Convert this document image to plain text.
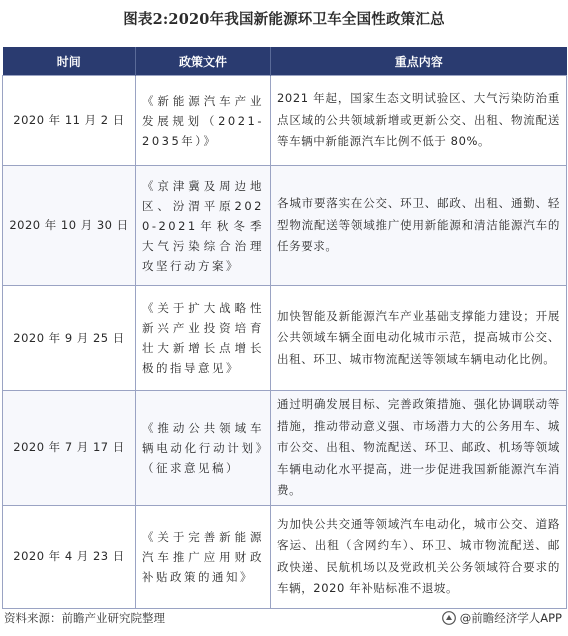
图表2:2020年我国新能源环卫车全国性政策汇总
时间	政策文件	重点内容
2020 年 11 月 2 日	《新能源汽车产业发展规划（2021-2035年）》	2021 年起，国家生态文明试验区、大气污染防治重点区域的公共领域新增或更新公交、出租、物流配送等车辆中新能源汽车比例不低于 80%。
2020 年 10 月 30 日	《京津冀及周边地区、汾渭平原2020-2021年秋冬季大气污染综合治理攻坚行动方案》	各城市要落实在公交、环卫、邮政、出租、通勤、轻型物流配送等领域推广使用新能源和清洁能源汽车的任务要求。
2020 年 9 月 25 日	《关于扩大战略性新兴产业投资培育壮大新增长点增长极的指导意见》	加快智能及新能源汽车产业基础支撑能力建设；开展公共领域车辆全面电动化城市示范，提高城市公交、出租、环卫、城市物流配送等领域车辆电动化比例。
2020 年 7 月 17 日	《推动公共领域车辆电动化行动计划》（征求意见稿）	通过明确发展目标、完善政策措施、强化协调联动等措施，推动带动意义强、市场潜力大的公务用车、城市公交、出租、物流配送、环卫、邮政、机场等领域车辆电动化水平提高，进一步促进我国新能源汽车消费。
2020 年 4 月 23 日	《关于完善新能源汽车推广应用财政补贴政策的通知》	为加快公共交通等领域汽车电动化，城市公交、道路客运、出租（含网约车）、环卫、城市物流配送、邮政快递、民航机场以及党政机关公务领域符合要求的车辆，2020 年补贴标准不退坡。
资料来源：前瞻产业研究院整理	@前瞻经济学人APP
